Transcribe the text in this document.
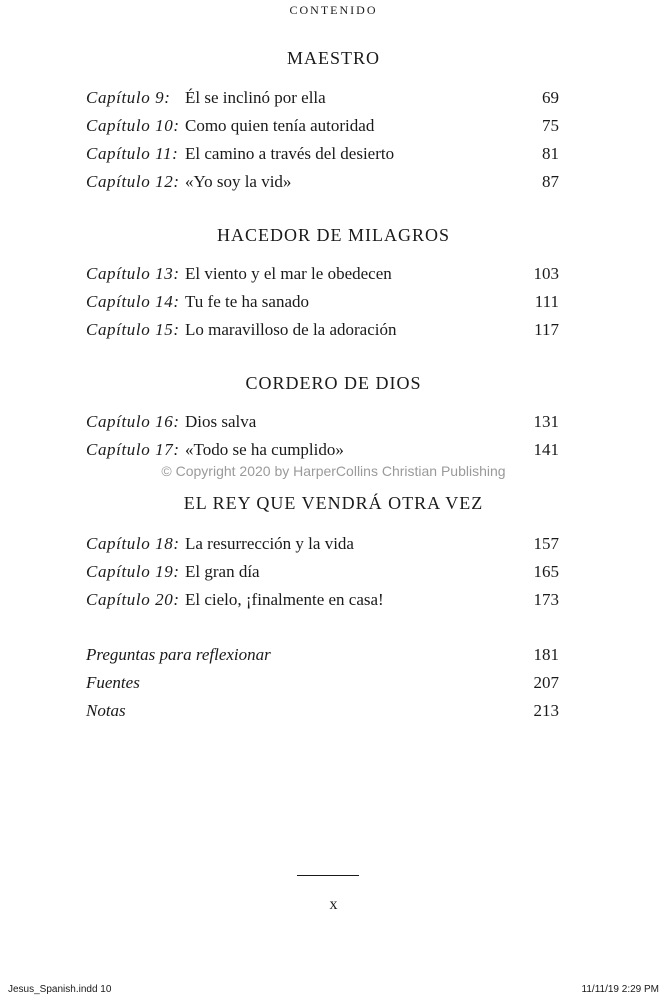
CONTENIDO
MAESTRO
Capítulo 9: Él se inclinó por ella	69
Capítulo 10: Como quien tenía autoridad	75
Capítulo 11: El camino a través del desierto	81
Capítulo 12: «Yo soy la vid»	87
HACEDOR DE MILAGROS
Capítulo 13: El viento y el mar le obedecen	103
Capítulo 14: Tu fe te ha sanado	111
Capítulo 15: Lo maravilloso de la adoración	117
CORDERO DE DIOS
Capítulo 16: Dios salva	131
Capítulo 17: «Todo se ha cumplido»	141
© Copyright 2020 by HarperCollins Christian Publishing
EL REY QUE VENDRÁ OTRA VEZ
Capítulo 18: La resurrección y la vida	157
Capítulo 19: El gran día	165
Capítulo 20: El cielo, ¡finalmente en casa!	173
Preguntas para reflexionar	181
Fuentes	207
Notas	213
x
Jesus_Spanish.indd 10	11/11/19 2:29 PM
